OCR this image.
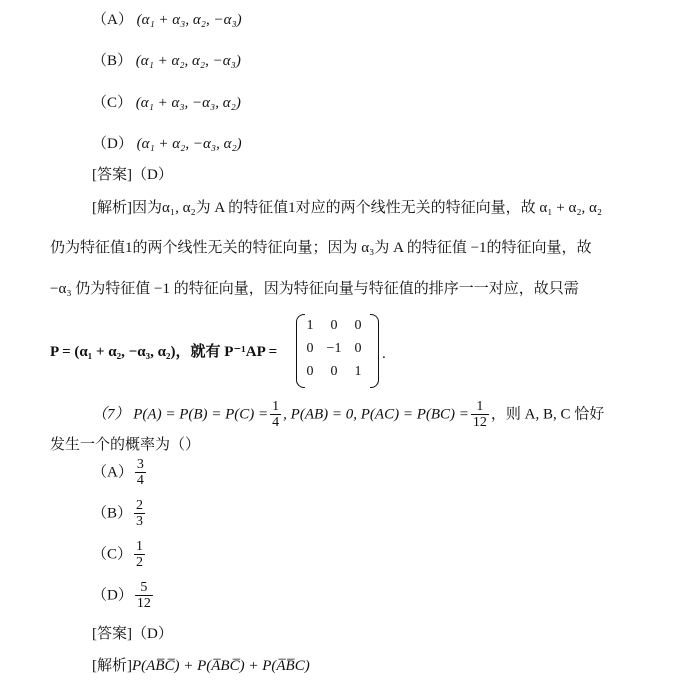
（A） (α₁ + α₃, α₂, −α₃)
（B） (α₁ + α₂, α₂, −α₃)
（C） (α₁ + α₃, −α₃, α₂)
（D） (α₁ + α₂, −α₃, α₂)
[答案]（D）
[解析]因为α₁, α₂为 A 的特征值1对应的两个线性无关的特征向量，故 α₁ + α₂, α₂
仍为特征值1的两个线性无关的特征向量；因为 α₃为 A 的特征值 −1的特征向量，故
−α₃ 仍为特征值 −1 的特征向量，因为特征向量与特征值的排序一一对应，故只需
P = (α₁ + α₂, −α₃, α₂)，就有 P⁻¹AP =
1	0	0
0 −1 0
0	0	1
.
（7） $P(A) = P(B) = P(C) = \frac{1}{4}$ , P(AB) = 0, $P(AC) = P(BC) = \frac{1}{12}$ ，则 A, B, C 恰好
发生一个的概率为（）
$(A) \frac{3}{4}$
$(B) \frac{2}{3}$
$(C) \frac{1}{2}$
$(D) \frac{5}{12}$
[答案]（D）
[解析]P(AB̅C̅) + P(A̅BC̅) + P(A̅B̅C)
